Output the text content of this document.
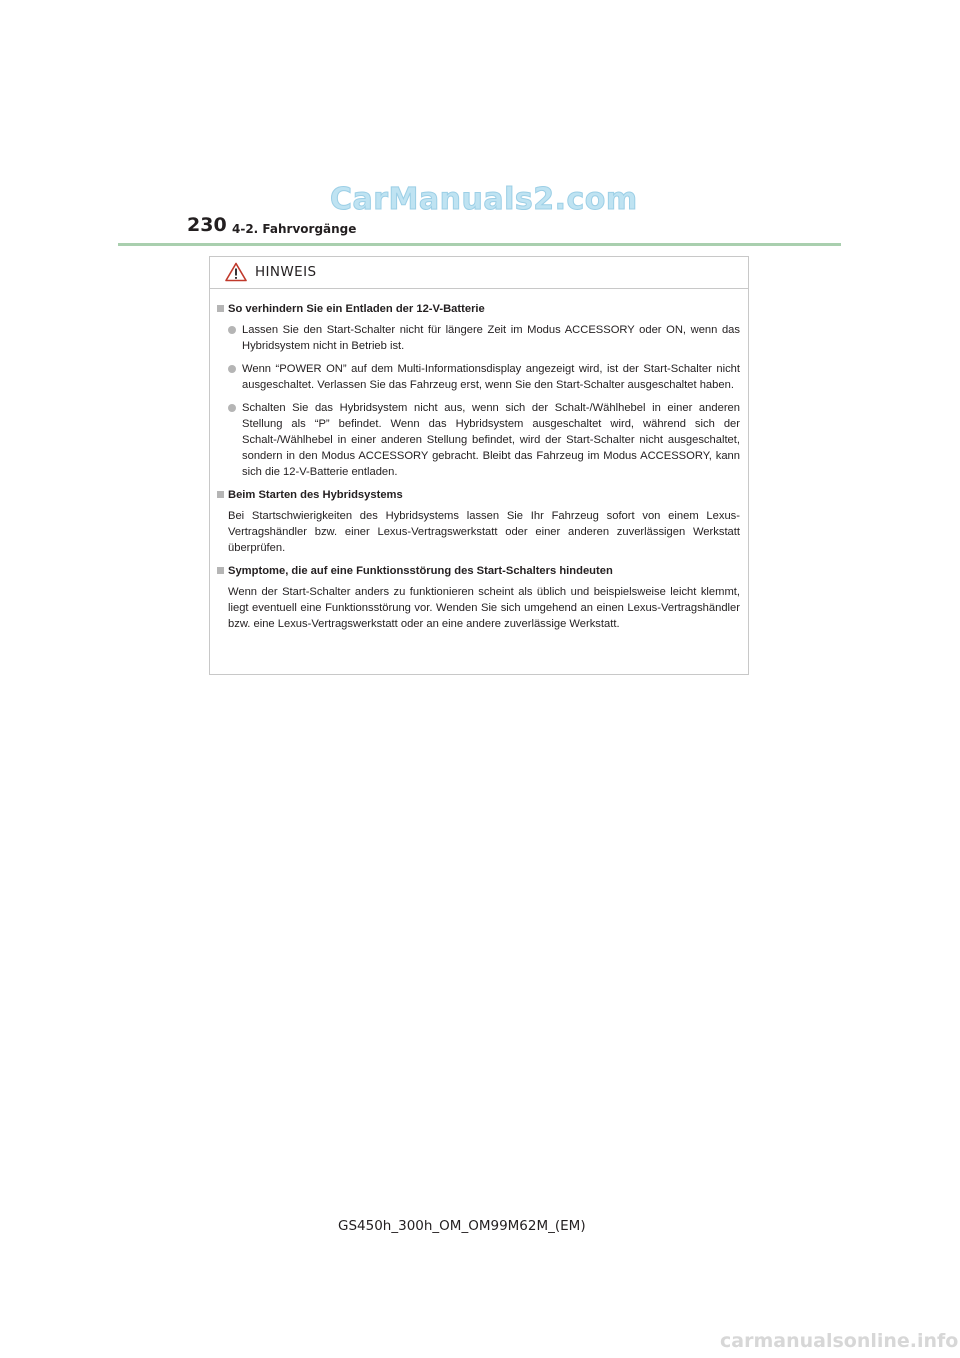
CarManuals2.com
230 4-2. Fahrvorgänge
HINWEIS
So verhindern Sie ein Entladen der 12-V-Batterie
Lassen Sie den Start-Schalter nicht für längere Zeit im Modus ACCESSORY oder ON, wenn das Hybridsystem nicht in Betrieb ist.
Wenn “POWER ON” auf dem Multi-Informationsdisplay angezeigt wird, ist der Start-Schalter nicht ausgeschaltet. Verlassen Sie das Fahrzeug erst, wenn Sie den Start-Schalter ausgeschaltet haben.
Schalten Sie das Hybridsystem nicht aus, wenn sich der Schalt-/Wählhebel in einer anderen Stellung als “P” befindet. Wenn das Hybridsystem ausgeschaltet wird, während sich der Schalt-/Wählhebel in einer anderen Stellung befindet, wird der Start-Schalter nicht ausgeschaltet, sondern in den Modus ACCESSORY gebracht. Bleibt das Fahrzeug im Modus ACCESSORY, kann sich die 12-V-Batterie entladen.
Beim Starten des Hybridsystems
Bei Startschwierigkeiten des Hybridsystems lassen Sie Ihr Fahrzeug sofort von einem Lexus-Vertragshändler bzw. einer Lexus-Vertragswerkstatt oder einer anderen zuverlässigen Werkstatt überprüfen.
Symptome, die auf eine Funktionsstörung des Start-Schalters hindeuten
Wenn der Start-Schalter anders zu funktionieren scheint als üblich und beispielsweise leicht klemmt, liegt eventuell eine Funktionsstörung vor. Wenden Sie sich umgehend an einen Lexus-Vertragshändler bzw. eine Lexus-Vertragswerkstatt oder an eine andere zuverlässige Werkstatt.
GS450h_300h_OM_OM99M62M_(EM)
carmanualsonline.info
